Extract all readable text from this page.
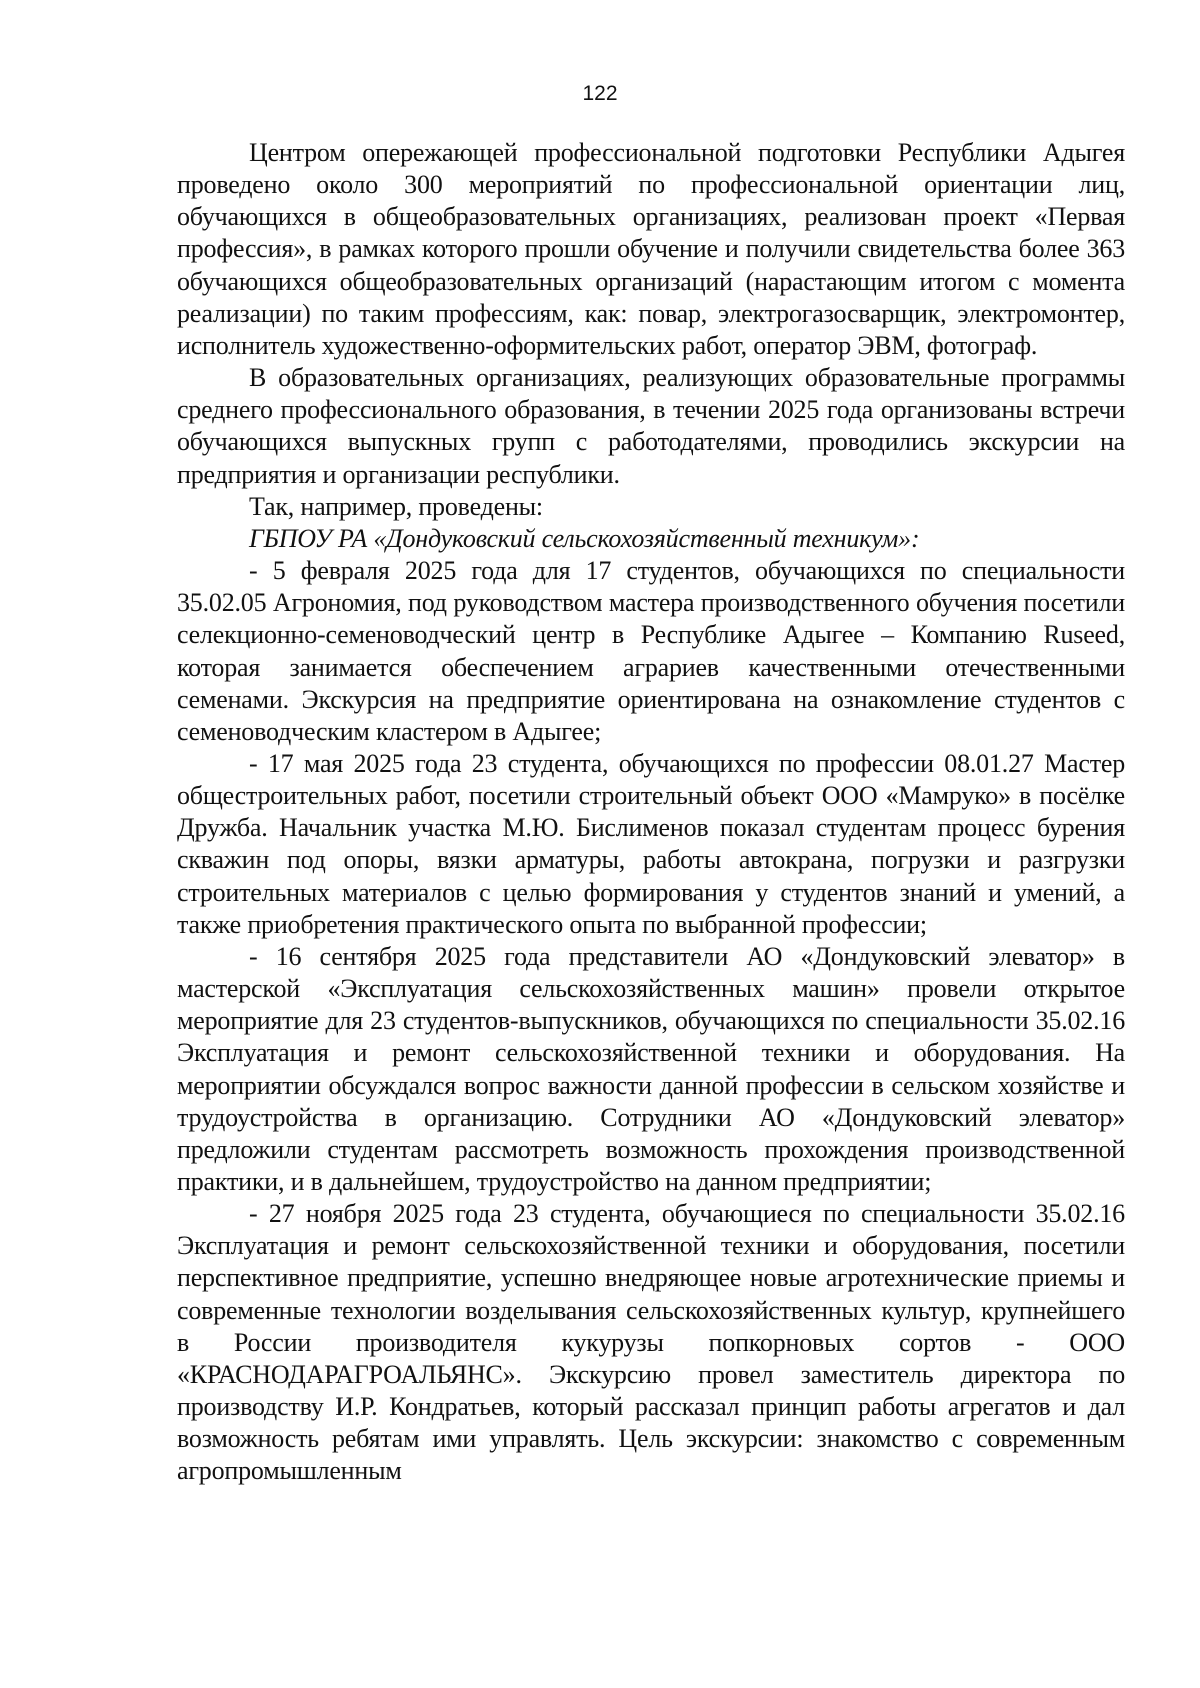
122

Центром опережающей профессиональной подготовки Республики Адыгея проведено около 300 мероприятий по профессиональной ориентации лиц, обучающихся в общеобразовательных организациях, реализован проект «Первая профессия», в рамках которого прошли обучение и получили свидетельства более 363 обучающихся общеобразовательных организаций (нарастающим итогом с момента реализации) по таким профессиям, как: повар, электрогазосварщик, электромонтер, исполнитель художественно-оформительских работ, оператор ЭВМ, фотограф.

В образовательных организациях, реализующих образовательные программы среднего профессионального образования, в течении 2025 года организованы встречи обучающихся выпускных групп с работодателями, проводились экскурсии на предприятия и организации республики.

Так, например, проведены:

ГБПОУ РА «Дондуковский сельскохозяйственный техникум»:

- 5 февраля 2025 года для 17 студентов, обучающихся по специальности 35.02.05 Агрономия, под руководством мастера производственного обучения посетили селекционно-семеноводческий центр в Республике Адыгее – Компанию Ruseed, которая занимается обеспечением аграриев качественными отечественными семенами. Экскурсия на предприятие ориентирована на ознакомление студентов с семеноводческим кластером в Адыгее;

- 17 мая 2025 года 23 студента, обучающихся по профессии 08.01.27 Мастер общестроительных работ, посетили строительный объект ООО «Мамруко» в посёлке Дружба. Начальник участка М.Ю. Бислименов показал студентам процесс бурения скважин под опоры, вязки арматуры, работы автокрана, погрузки и разгрузки строительных материалов с целью формирования у студентов знаний и умений, а также приобретения практического опыта по выбранной профессии;

- 16 сентября 2025 года представители АО «Дондуковский элеватор» в мастерской «Эксплуатация сельскохозяйственных машин» провели открытое мероприятие для 23 студентов-выпускников, обучающихся по специальности 35.02.16 Эксплуатация и ремонт сельскохозяйственной техники и оборудования. На мероприятии обсуждался вопрос важности данной профессии в сельском хозяйстве и трудоустройства в организацию. Сотрудники АО «Дондуковский элеватор» предложили студентам рассмотреть возможность прохождения производственной практики, и в дальнейшем, трудоустройство на данном предприятии;

- 27 ноября 2025 года 23 студента, обучающиеся по специальности 35.02.16 Эксплуатация и ремонт сельскохозяйственной техники и оборудования, посетили перспективное предприятие, успешно внедряющее новые агротехнические приемы и современные технологии возделывания сельскохозяйственных культур, крупнейшего в России производителя кукурузы попкорновых сортов - ООО «КРАСНОДАРАГРОАЛЬЯНС». Экскурсию провел заместитель директора по производству И.Р. Кондратьев, который рассказал принцип работы агрегатов и дал возможность ребятам ими управлять. Цель экскурсии: знакомство с современным агропромышленным
